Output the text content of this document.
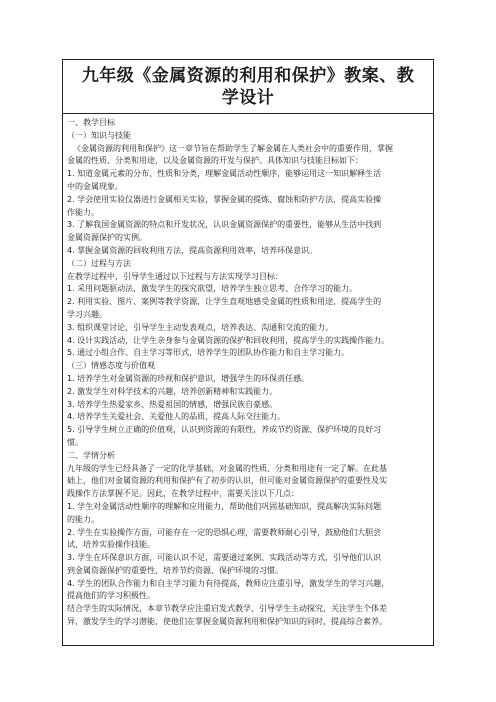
九年级《金属资源的利用和保护》教案、教
学设计
一、教学目标
（一）知识与技能
《金属资源的利用和保护》这一章节旨在帮助学生了解金属在人类社会中的重要作用，掌握
金属的性质、分类和用途，以及金属资源的开发与保护。具体知识与技能目标如下：
1. 知道金属元素的分布、性质和分类，理解金属活动性顺序，能够运用这一知识解释生活
中的金属现象。
2. 学会使用实验仪器进行金属相关实验，掌握金属的提炼、腐蚀和防护方法，提高实验操
作能力。
3. 了解我国金属资源的特点和开发状况，认识金属资源保护的重要性，能够从生活中找到
金属资源保护的实例。
4. 掌握金属资源的回收利用方法，提高资源利用效率，培养环保意识。
（二）过程与方法
在教学过程中，引导学生通过以下过程与方法实现学习目标：
1. 采用问题驱动法，激发学生的探究欲望，培养学生独立思考、合作学习的能力。
2. 利用实验、图片、案例等教学资源，让学生直观地感受金属的性质和用途，提高学生的
学习兴趣。
3. 组织课堂讨论，引导学生主动发表观点，培养表达、沟通和交流的能力。
4. 设计实践活动，让学生亲身参与金属资源的保护和回收利用，提高学生的实践操作能力。
5. 通过小组合作、自主学习等形式，培养学生的团队协作能力和自主学习能力。
（三）情感态度与价值观
1. 培养学生对金属资源的珍视和保护意识，增强学生的环保责任感。
2. 激发学生对科学技术的兴趣，培养创新精神和实践能力。
3. 培养学生热爱家乡、热爱祖国的情感，增强民族自豪感。
4. 培养学生关爱社会、关爱他人的品质，提高人际交往能力。
5. 引导学生树立正确的价值观，认识到资源的有限性，养成节约资源、保护环境的良好习
惯。
二、学情分析
九年级的学生已经具备了一定的化学基础，对金属的性质、分类和用途有一定了解。在此基
础上，他们对金属资源的利用和保护有了初步的认识，但可能对金属资源保护的重要性及实
践操作方法掌握不足。因此，在教学过程中，需要关注以下几点：
1. 学生对金属活动性顺序的理解和应用能力，帮助他们巩固基础知识，提高解决实际问题
的能力。
2. 学生在实验操作方面，可能存在一定的恐惧心理，需要教师耐心引导，鼓励他们大胆尝
试，培养实验操作技能。
3. 学生在环保意识方面，可能认识不足，需要通过案例、实践活动等方式，引导他们认识
到金属资源保护的重要性，培养节约资源、保护环境的习惯。
4. 学生的团队合作能力和自主学习能力有待提高，教师应注重引导，激发学生的学习兴趣，
提高他们的学习积极性。
结合学生的实际情况，本章节教学应注重启发式教学，引导学生主动探究，关注学生个体差
异，激发学生的学习潜能，使他们在掌握金属资源利用和保护知识的同时，提高综合素养。
